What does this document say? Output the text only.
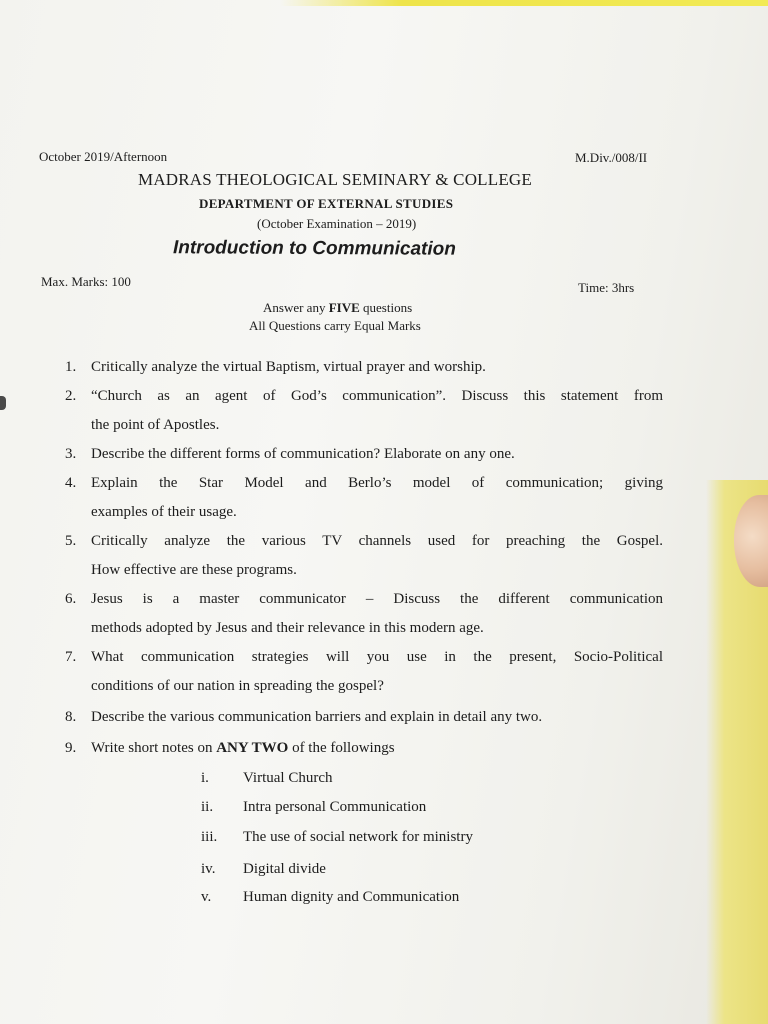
October 2019/Afternoon	M.Div./008/II

MADRAS THEOLOGICAL SEMINARY & COLLEGE

DEPARTMENT OF EXTERNAL STUDIES

(October Examination – 2019)

Introduction to Communication

Max. Marks: 100	Time: 3hrs

Answer any FIVE questions

All Questions carry Equal Marks

1. Critically analyze the virtual Baptism, virtual prayer and worship.
2. “Church as an agent of God’s communication”. Discuss this statement from
the point of Apostles.
3. Describe the different forms of communication? Elaborate on any one.
4. Explain the Star Model and Berlo’s model of communication; giving
examples of their usage.
5. Critically analyze the various TV channels used for preaching the Gospel.
How effective are these programs.
6. Jesus is a master communicator – Discuss the different communication
methods adopted by Jesus and their relevance in this modern age.
7. What communication strategies will you use in the present, Socio-Political
conditions of our nation in spreading the gospel?
8. Describe the various communication barriers and explain in detail any two.
9. Write short notes on ANY TWO of the followings
i.	Virtual Church
ii.	Intra personal Communication
iii.	The use of social network for ministry
iv.	Digital divide
v.	Human dignity and Communication
